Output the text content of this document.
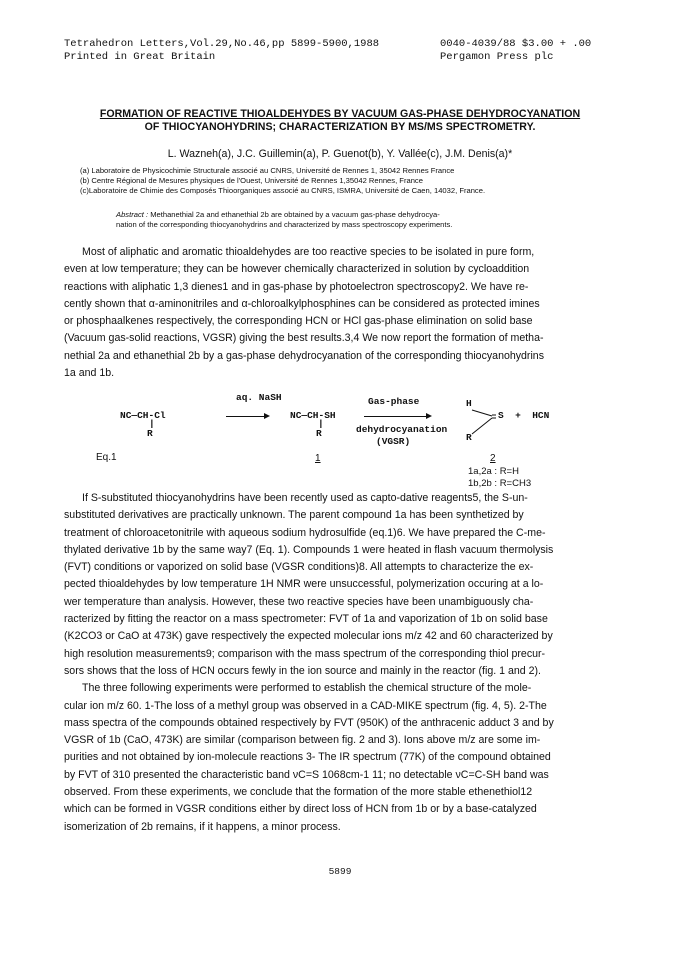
Tetrahedron Letters,Vol.29,No.46,pp 5899-5900,1988
Printed in Great Britain
0040-4039/88 $3.00 + .00
Pergamon Press plc
FORMATION OF REACTIVE THIOALDEHYDES BY VACUUM GAS-PHASE DEHYDROCYANATION
OF THIOCYANOHYDRINS; CHARACTERIZATION BY MS/MS SPECTROMETRY.
L. Wazneh(a), J.C. Guillemin(a), P. Guenot(b), Y. Vallée(c), J.M. Denis(a)*
(a) Laboratoire de Physicochimie Structurale associé au CNRS, Université de Rennes 1, 35042 Rennes France
(b) Centre Régional de Mesures physiques de l'Ouest, Université de Rennes 1,35042 Rennes, France
(c)Laboratoire de Chimie des Composés Thioorganiques associé au CNRS, ISMRA, Université de Caen, 14032, France.
Abstract : Methanethial 2a and ethanethial 2b are obtained by a vacuum gas-phase dehydrocya-
nation of the corresponding thiocyanohydrins and characterized by mass spectroscopy experiments.

Most of aliphatic and aromatic thioaldehydes are too reactive species to be isolated in pure form,

even at low temperature; they can be however chemically characterized in solution by cycloaddition

reactions with aliphatic 1,3 dienes1 and in gas-phase by photoelectron spectroscopy2. We have re-

cently shown that α-aminonitriles and α-chloroalkylphosphines can be considered as protected imines

or phosphaalkenes respectively, the corresponding HCN or HCl gas-phase elimination on solid base

(Vacuum gas-solid reactions, VGSR) giving the best results.3,4 We now report the formation of metha-

nethial 2a and ethanethial 2b by a gas-phase dehydrocyanation of the corresponding thiocyanohydrins

1a and 1b.

aq. NaSH
NC—CH-Cl
|
R
NC—CH-SH
|
R
Gas-phase
dehydrocyanation
(VGSR)
H
S  +  HCN
R
Eq.1	1	2
1a,2a : R=H
1b,2b : R=CH3

If S-substituted thiocyanohydrins have been recently used as capto-dative reagents5, the S-un-

substituted derivatives are practically unknown. The parent compound 1a has been synthetized by

treatment of chloroacetonitrile with aqueous sodium hydrosulfide (eq.1)6. We have prepared the C-me-

thylated derivative 1b by the same way7 (Eq. 1). Compounds 1 were heated in flash vacuum thermolysis

(FVT) conditions or vaporized on solid base (VGSR conditions)8. All attempts to characterize the ex-

pected thioaldehydes by low temperature 1H NMR were unsuccessful, polymerization occuring at a lo-

wer temperature than analysis. However, these two reactive species have been unambiguously cha-

racterized by fitting the reactor on a mass spectrometer: FVT of 1a and vaporization of 1b on solid base

(K2CO3 or CaO at 473K) gave respectively the expected molecular ions m/z 42 and 60 characterized by

high resolution measurements9; comparison with the mass spectrum of the corresponding thiol precur-

sors shows that the loss of HCN occurs fewly in the ion source and mainly in the reactor (fig. 1 and 2).

The three following experiments were performed to establish the chemical structure of the mole-

cular ion m/z 60. 1-The loss of a methyl group was observed in a CAD-MIKE spectrum (fig. 4, 5). 2-The

mass spectra of the compounds obtained respectively by FVT (950K) of the anthracenic adduct 3 and by

VGSR of 1b (CaO, 473K) are similar (comparison between fig. 2 and 3). Ions above m/z are some im-

purities and not obtained by ion-molecule reactions 3- The IR spectrum (77K) of the compound obtained

by FVT of 310 presented the characteristic band νC=S 1068cm-1 11; no detectable νC=C-SH band was

observed. From these experiments, we conclude that the formation of the more stable ethenethiol12

which can be formed in VGSR conditions either by direct loss of HCN from 1b or by a base-catalyzed

isomerization of 2b remains, if it happens, a minor process.

5899
